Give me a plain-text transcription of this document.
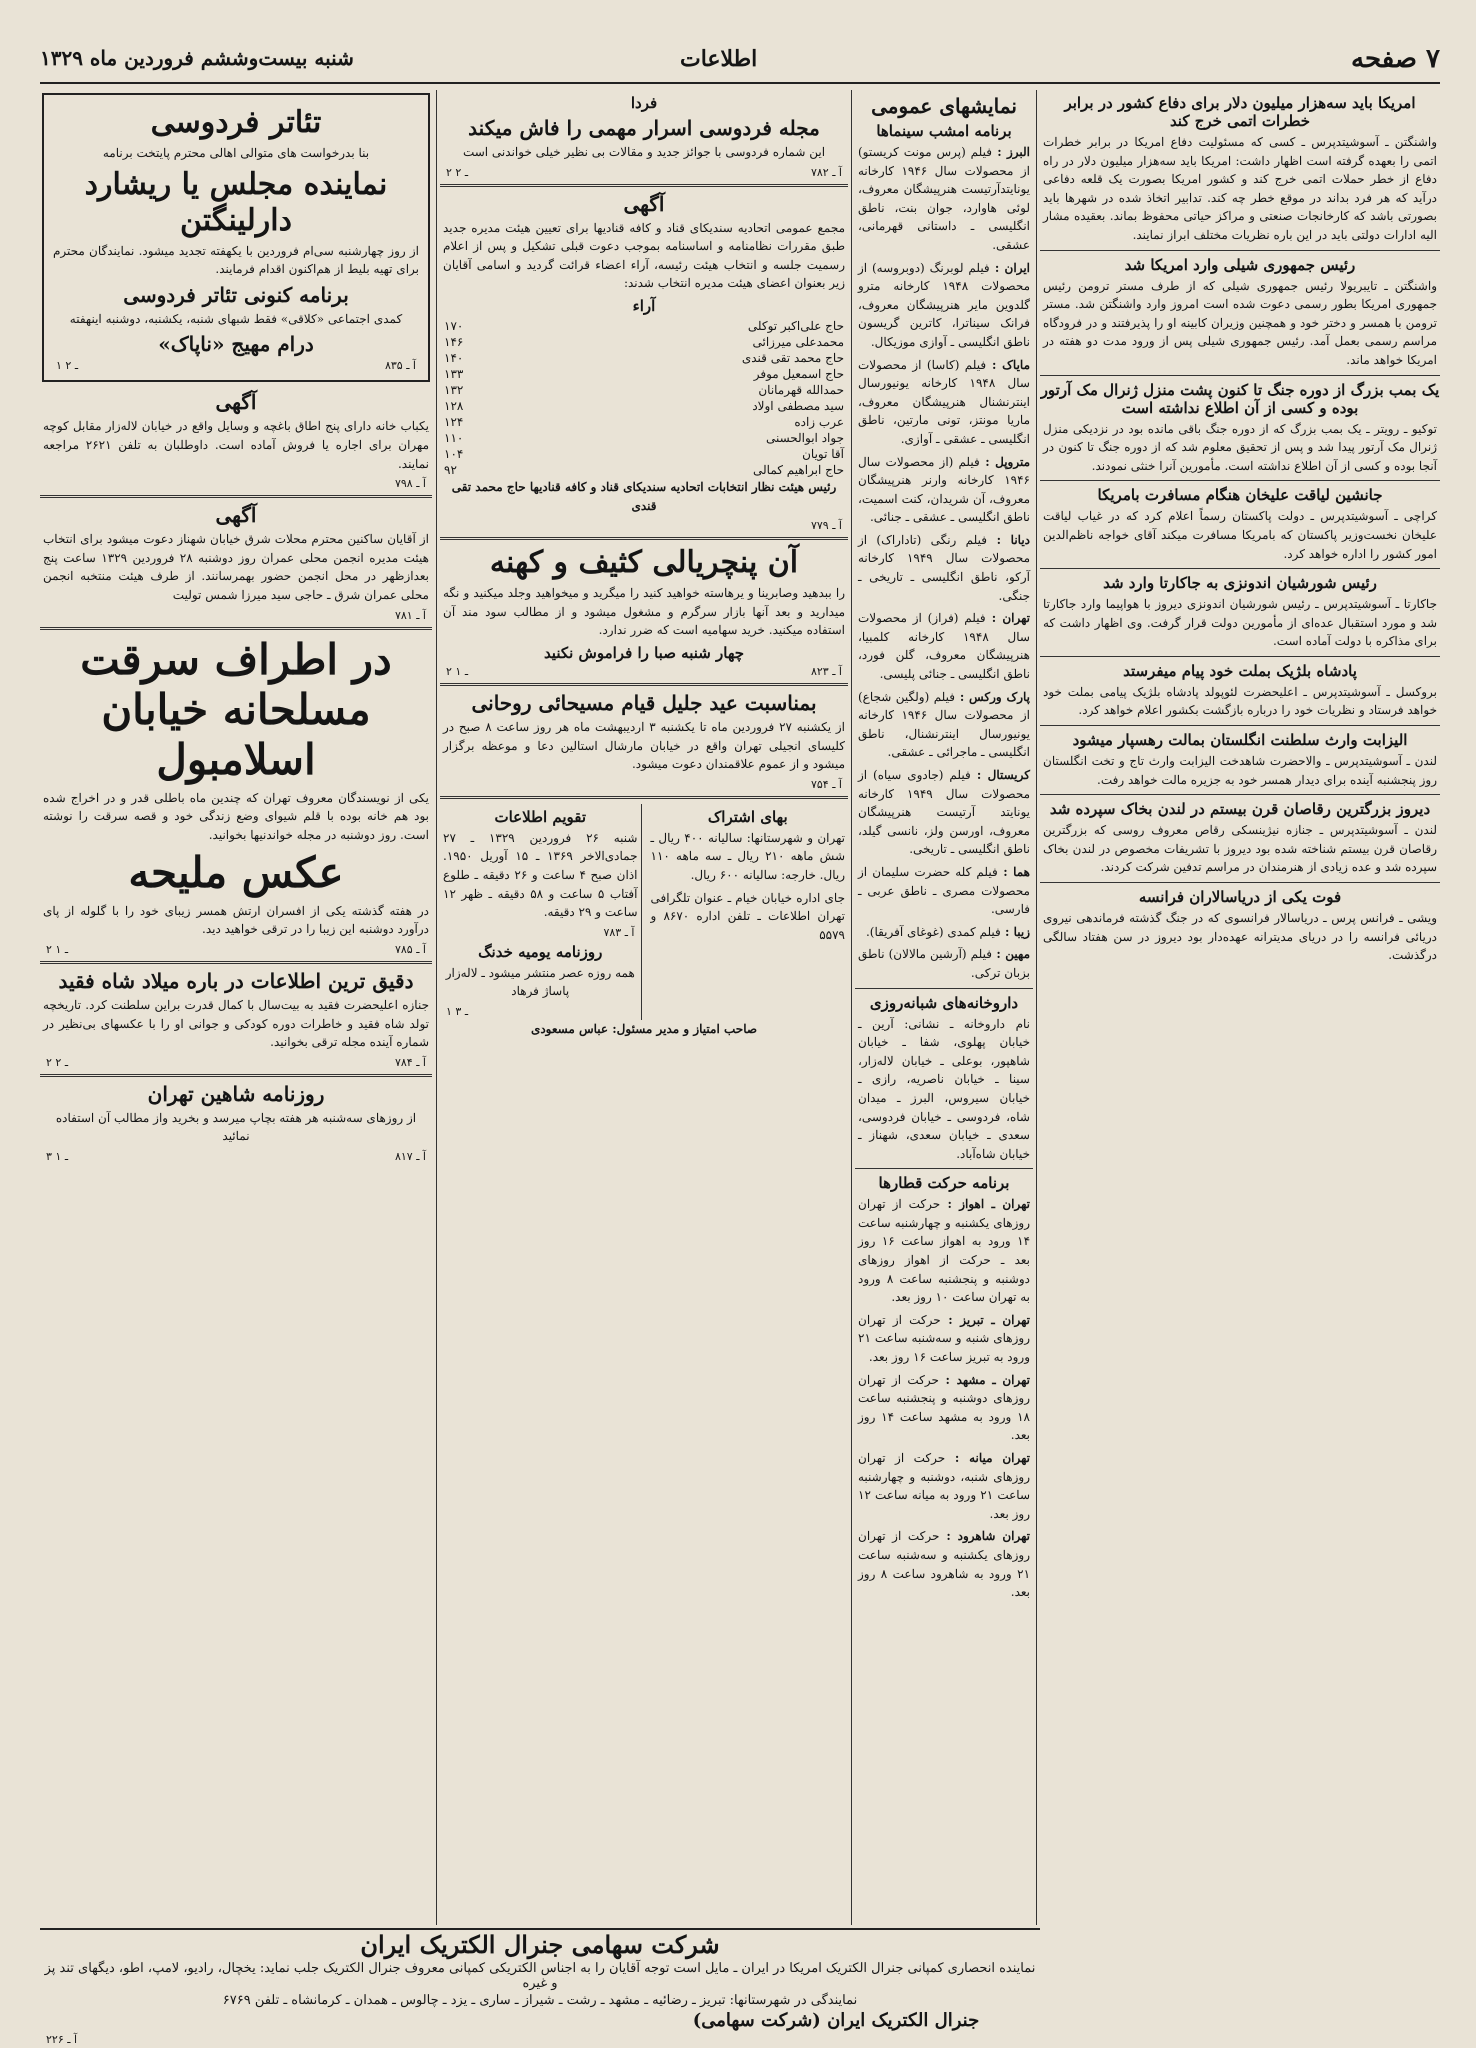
۷ صفحه
اطلاعات
شنبه بیست‌وششم فروردین ماه ۱۳۲۹
امریکا باید سه‌هزار میلیون دلار برای دفاع کشور در برابر خطرات اتمی خرج کند
واشنگتن ـ آسوشیتدپرس ـ کسی که مسئولیت دفاع امریکا در برابر خطرات اتمی را بعهده گرفته است اظهار داشت: امریکا باید سه‌هزار میلیون دلار در راه دفاع از خطر حملات اتمی خرج کند و کشور امریکا بصورت یک قلعه دفاعی درآید که هر فرد بداند در موقع خطر چه کند. تدابیر اتخاذ شده در شهرها باید بصورتی باشد که کارخانجات صنعتی و مراکز حیاتی محفوظ بماند. بعقیده مشار الیه ادارات دولتی باید در این باره نظریات مختلف ابراز نمایند.
رئیس جمهوری شیلی وارد امریکا شد
واشنگتن ـ تایبریولا رئیس جمهوری شیلی که از طرف مستر ترومن رئیس جمهوری امریکا بطور رسمی دعوت شده است امروز وارد واشنگتن شد. مستر ترومن با همسر و دختر خود و همچنین وزیران کابینه او را پذیرفتند و در فرودگاه مراسم رسمی بعمل آمد. رئیس جمهوری شیلی پس از ورود مدت دو هفته در امریکا خواهد ماند.
یک بمب بزرگ از دوره جنگ تا کنون پشت منزل ژنرال مک آرتور بوده و کسی از آن اطلاع نداشته است
توکیو ـ رویتر ـ یک بمب بزرگ که از دوره جنگ باقی مانده بود در نزدیکی منزل ژنرال مک آرتور پیدا شد و پس از تحقیق معلوم شد که از دوره جنگ تا کنون در آنجا بوده و کسی از آن اطلاع نداشته است. مأمورین آنرا خنثی نمودند.
جانشین لیاقت علیخان هنگام مسافرت بامریکا
کراچی ـ آسوشیتدپرس ـ دولت پاکستان رسماً اعلام کرد که در غیاب لیاقت علیخان نخست‌وزیر پاکستان که بامریکا مسافرت میکند آقای خواجه ناظم‌الدین امور کشور را اداره خواهد کرد.
رئیس شورشیان اندونزی به جاکارتا وارد شد
جاکارتا ـ آسوشیتدپرس ـ رئیس شورشیان اندونزی دیروز با هواپیما وارد جاکارتا شد و مورد استقبال عده‌ای از مأمورین دولت قرار گرفت. وی اظهار داشت که برای مذاکره با دولت آماده است.
پادشاه بلژیک بملت خود پیام میفرستد
بروکسل ـ آسوشیتدپرس ـ اعلیحضرت لئوپولد پادشاه بلژیک پیامی بملت خود خواهد فرستاد و نظریات خود را درباره بازگشت بکشور اعلام خواهد کرد.
الیزابت وارث سلطنت انگلستان بمالت رهسپار میشود
لندن ـ آسوشیتدپرس ـ والاحضرت شاهدخت الیزابت وارث تاج و تخت انگلستان روز پنجشنبه آینده برای دیدار همسر خود به جزیره مالت خواهد رفت.
دیروز بزرگترین رقاصان قرن بیستم در لندن بخاک سپرده شد
لندن ـ آسوشیتدپرس ـ جنازه نیژینسکی رقاص معروف روسی که بزرگترین رقاصان قرن بیستم شناخته شده بود دیروز با تشریفات مخصوص در لندن بخاک سپرده شد و عده زیادی از هنرمندان در مراسم تدفین شرکت کردند.
فوت یکی از دریاسالاران فرانسه
ویشی ـ فرانس پرس ـ دریاسالار فرانسوی که در جنگ گذشته فرماندهی نیروی دریائی فرانسه را در دریای مدیترانه عهده‌دار بود دیروز در سن هفتاد سالگی درگذشت.
نمایشهای عمومی
برنامه امشب سینماها
البرز : فیلم (پرس مونت کریستو) از محصولات سال ۱۹۴۶ کارخانه یونایتدآرتیست هنرپیشگان معروف، لوئی هاوارد، جوان بنت، ناطق انگلیسی ـ داستانی قهرمانی، عشقی.
ایران : فیلم لوبرنگ (دوبروسه) از محصولات ۱۹۴۸ کارخانه مترو گلدوین مایر هنرپیشگان معروف، فرانک سیناترا، کاترین گریسون ناطق انگلیسی ـ آوازی موزیکال.
مایاک : فیلم (کاسا) از محصولات سال ۱۹۴۸ کارخانه یونیورسال اینترنشنال هنرپیشگان معروف، ماریا مونتز، تونی مارتین، ناطق انگلیسی ـ عشقی ـ آوازی.
متروپل : فیلم (از محصولات سال ۱۹۴۶ کارخانه وارنر هنرپیشگان معروف، آن شریدان، کنت اسمیت، ناطق انگلیسی ـ عشقی ـ جنائی.
دیانا : فیلم رنگی (تاداراک) از محصولات سال ۱۹۴۹ کارخانه آرکو، ناطق انگلیسی ـ تاریخی ـ جنگی.
تهران : فیلم (فراز) از محصولات سال ۱۹۴۸ کارخانه کلمبیا، هنرپیشگان معروف، گلن فورد، ناطق انگلیسی ـ جنائی پلیسی.
پارک ورکس : فیلم (ولگین شجاع) از محصولات سال ۱۹۴۶ کارخانه یونیورسال اینترنشنال، ناطق انگلیسی ـ ماجرائی ـ عشقی.
کریستال : فیلم (جادوی سیاه) از محصولات سال ۱۹۴۹ کارخانه یونایتد آرتیست هنرپیشگان معروف، اورسن ولز، نانسی گیلد، ناطق انگلیسی ـ تاریخی.
هما : فیلم کله حضرت سلیمان از محصولات مصری ـ ناطق عربی ـ فارسی.
زیبا : فیلم کمدی (غوغای آفریقا).
مهین : فیلم (آرشین مالالان) ناطق بزبان ترکی.
داروخانه‌های شبانه‌روزی
نام داروخانه ـ نشانی: آرین ـ خیابان پهلوی، شفا ـ خیابان شاهپور، بوعلی ـ خیابان لاله‌زار، سینا ـ خیابان ناصریه، رازی ـ خیابان سیروس، البرز ـ میدان شاه، فردوسی ـ خیابان فردوسی، سعدی ـ خیابان سعدی، شهناز ـ خیابان شاه‌آباد.
برنامه حرکت قطارها
تهران ـ اهواز : حرکت از تهران روزهای یکشنبه و چهارشنبه ساعت ۱۴ ورود به اهواز ساعت ۱۶ روز بعد ـ حرکت از اهواز روزهای دوشنبه و پنجشنبه ساعت ۸ ورود به تهران ساعت ۱۰ روز بعد.
تهران ـ تبریز : حرکت از تهران روزهای شنبه و سه‌شنبه ساعت ۲۱ ورود به تبریز ساعت ۱۶ روز بعد.
تهران ـ مشهد : حرکت از تهران روزهای دوشنبه و پنجشنبه ساعت ۱۸ ورود به مشهد ساعت ۱۴ روز بعد.
تهران میانه : حرکت از تهران روزهای شنبه، دوشنبه و چهارشنبه ساعت ۲۱ ورود به میانه ساعت ۱۲ روز بعد.
تهران شاهرود : حرکت از تهران روزهای یکشنبه و سه‌شنبه ساعت ۲۱ ورود به شاهرود ساعت ۸ روز بعد.
فردا
مجله فردوسی اسرار مهمی را فاش میکند
این شماره فردوسی با جوائز جدید و مقالات بی نظیر خیلی خواندنی است
۲ ـ ۲	آ ـ ۷۸۲
آگهی
مجمع عمومی اتحادیه سندیکای قناد و کافه قنادیها برای تعیین هیئت مدیره جدید طبق مقررات نظامنامه و اساسنامه بموجب دعوت قبلی تشکیل و پس از اعلام رسمیت جلسه و انتخاب هیئت رئیسه، آراء اعضاء قرائت گردید و اسامی آقایان زیر بعنوان اعضای هیئت مدیره انتخاب شدند:
آراء
حاج علی‌اکبر توکلی	۱۷۰
محمدعلی میرزائی	۱۴۶
حاج محمد تقی قندی	۱۴۰
حاج اسمعیل موفر	۱۳۳
حمدالله قهرمانان	۱۳۲
سید مصطفی اولاد	۱۲۸
عرب زاده	۱۲۴
جواد ابوالحسنی	۱۱۰
آقا تویان	۱۰۴
حاج ابراهیم کمالی	۹۲
رئیس هیئت نظار انتخابات اتحادیه سندیکای قناد و کافه قنادیها حاج محمد تقی قندی
آ ـ ۷۷۹
آن پنچریالی کثیف و کهنه
را ببدهید وصابرینا و یرهاسته خواهید کنید را میگرید و میخواهید وجلد میکنید و نگه میدارید و بعد آنها بازار سرگرم و مشغول میشود و از مطالب سود مند آن استفاده میکنید. خرید سهامیه است که ضرر ندارد.
چهار شنبه صبا را فراموش نکنید
۲ ـ ۱	آ ـ ۸۲۳
بمناسبت عید جلیل قیام مسیحائی روحانی
از یکشنبه ۲۷ فروردین ماه تا یکشنبه ۳ اردیبهشت ماه هر روز ساعت ۸ صبح در کلیسای انجیلی تهران واقع در خیابان مارشال استالین دعا و موعظه برگزار میشود و از عموم علاقمندان دعوت میشود.
آ ـ ۷۵۴
بهای اشتراک
تهران و شهرستانها: سالیانه ۴۰۰ ریال ـ شش ماهه ۲۱۰ ریال ـ سه ماهه ۱۱۰ ریال. خارجه: سالیانه ۶۰۰ ریال.
جای اداره خیابان خیام ـ عنوان تلگرافی تهران اطلاعات ـ تلفن اداره ۸۶۷۰ و ۵۵۷۹
تقویم اطلاعات
شنبه ۲۶ فروردین ۱۳۲۹ ـ ۲۷ جمادی‌الاخر ۱۳۶۹ ـ ۱۵ آوریل ۱۹۵۰. اذان صبح ۴ ساعت و ۲۶ دقیقه ـ طلوع آفتاب ۵ ساعت و ۵۸ دقیقه ـ ظهر ۱۲ ساعت و ۲۹ دقیقه.
آ ـ ۷۸۳
روزنامه یومیه خدنگ
همه روزه عصر منتشر میشود ـ لاله‌زار پاساژ فرهاد
۱ ـ ۳
صاحب امتیاز و مدیر مسئول: عباس مسعودی
تئاتر فردوسی
بنا بدرخواست های متوالی اهالی محترم پایتخت برنامه
نماینده مجلس یا ریشارد دارلینگتن
از روز چهارشنبه سی‌ام فروردین با یکهفته تجدید میشود. نمایندگان محترم برای تهیه بلیط از هم‌اکنون اقدام فرمایند.
برنامه کنونی تئاتر فردوسی
کمدی اجتماعی «کلاقی» فقط شبهای شنبه، یکشنبه، دوشنبه اینهفته
درام مهیج «ناپاک»
۱ ـ ۲	آ ـ ۸۳۵
آگهی
یکباب خانه دارای پنج اطاق باغچه و وسایل واقع در خیابان لاله‌زار مقابل کوچه مهران برای اجاره یا فروش آماده است. داوطلبان به تلفن ۲۶۲۱ مراجعه نمایند.
آ ـ ۷۹۸
آگهی
از آقایان ساکنین محترم محلات شرق خیابان شهناز دعوت میشود برای انتخاب هیئت مدیره انجمن محلی عمران روز دوشنبه ۲۸ فروردین ۱۳۲۹ ساعت پنج بعدازظهر در محل انجمن حضور بهمرسانند. از طرف هیئت منتخبه انجمن محلی عمران شرق ـ حاجی سید میرزا شمس تولیت
آ ـ ۷۸۱
در اطراف سرقت مسلحانه خیابان اسلامبول
یکی از نویسندگان معروف تهران که چندین ماه باطلی قدر و در اخراج شده بود هم خانه بوده با قلم شیوای وضع زندگی خود و قصه سرقت را نوشته است. روز دوشنبه در مجله خواندنیها بخوانید.
عکس ملیحه
در هفته گذشته یکی از افسران ارتش همسر زیبای خود را با گلوله از پای درآورد دوشنبه این زیبا را در ترقی خواهید دید.
۲ ـ ۱	آ ـ ۷۸۵
دقیق ترین اطلاعات در باره میلاد شاه فقید
جنازه اعلیحضرت فقید به بیت‌سال با کمال قدرت براین سلطنت کرد. تاریخچه تولد شاه فقید و خاطرات دوره کودکی و جوانی او را با عکسهای بی‌نظیر در شماره آینده مجله ترقی بخوانید.
۲ ـ ۲	آ ـ ۷۸۴
روزنامه شاهین تهران
از روزهای سه‌شنبه هر هفته بچاپ میرسد و بخرید واز مطالب آن استفاده نمائید
۳ ـ ۱	آ ـ ۸۱۷
شرکت سهامی جنرال الکتریک ایران
نماینده انحصاری کمپانی جنرال الکتریک امریکا در ایران ـ مایل است توجه آقایان را به اجناس الکتریکی کمپانی معروف جنرال الکتریک جلب نماید: یخچال، رادیو، لامپ، اطو، دیگهای تند پز و غیره
نمایندگی در شهرستانها: تبریز ـ رضائیه ـ مشهد ـ رشت ـ شیراز ـ ساری ـ یزد ـ چالوس ـ همدان ـ کرمانشاه ـ تلفن ۶۷۶۹
جنرال الکتریک ایران (شرکت سهامی)
آ ـ ۲۲۶
